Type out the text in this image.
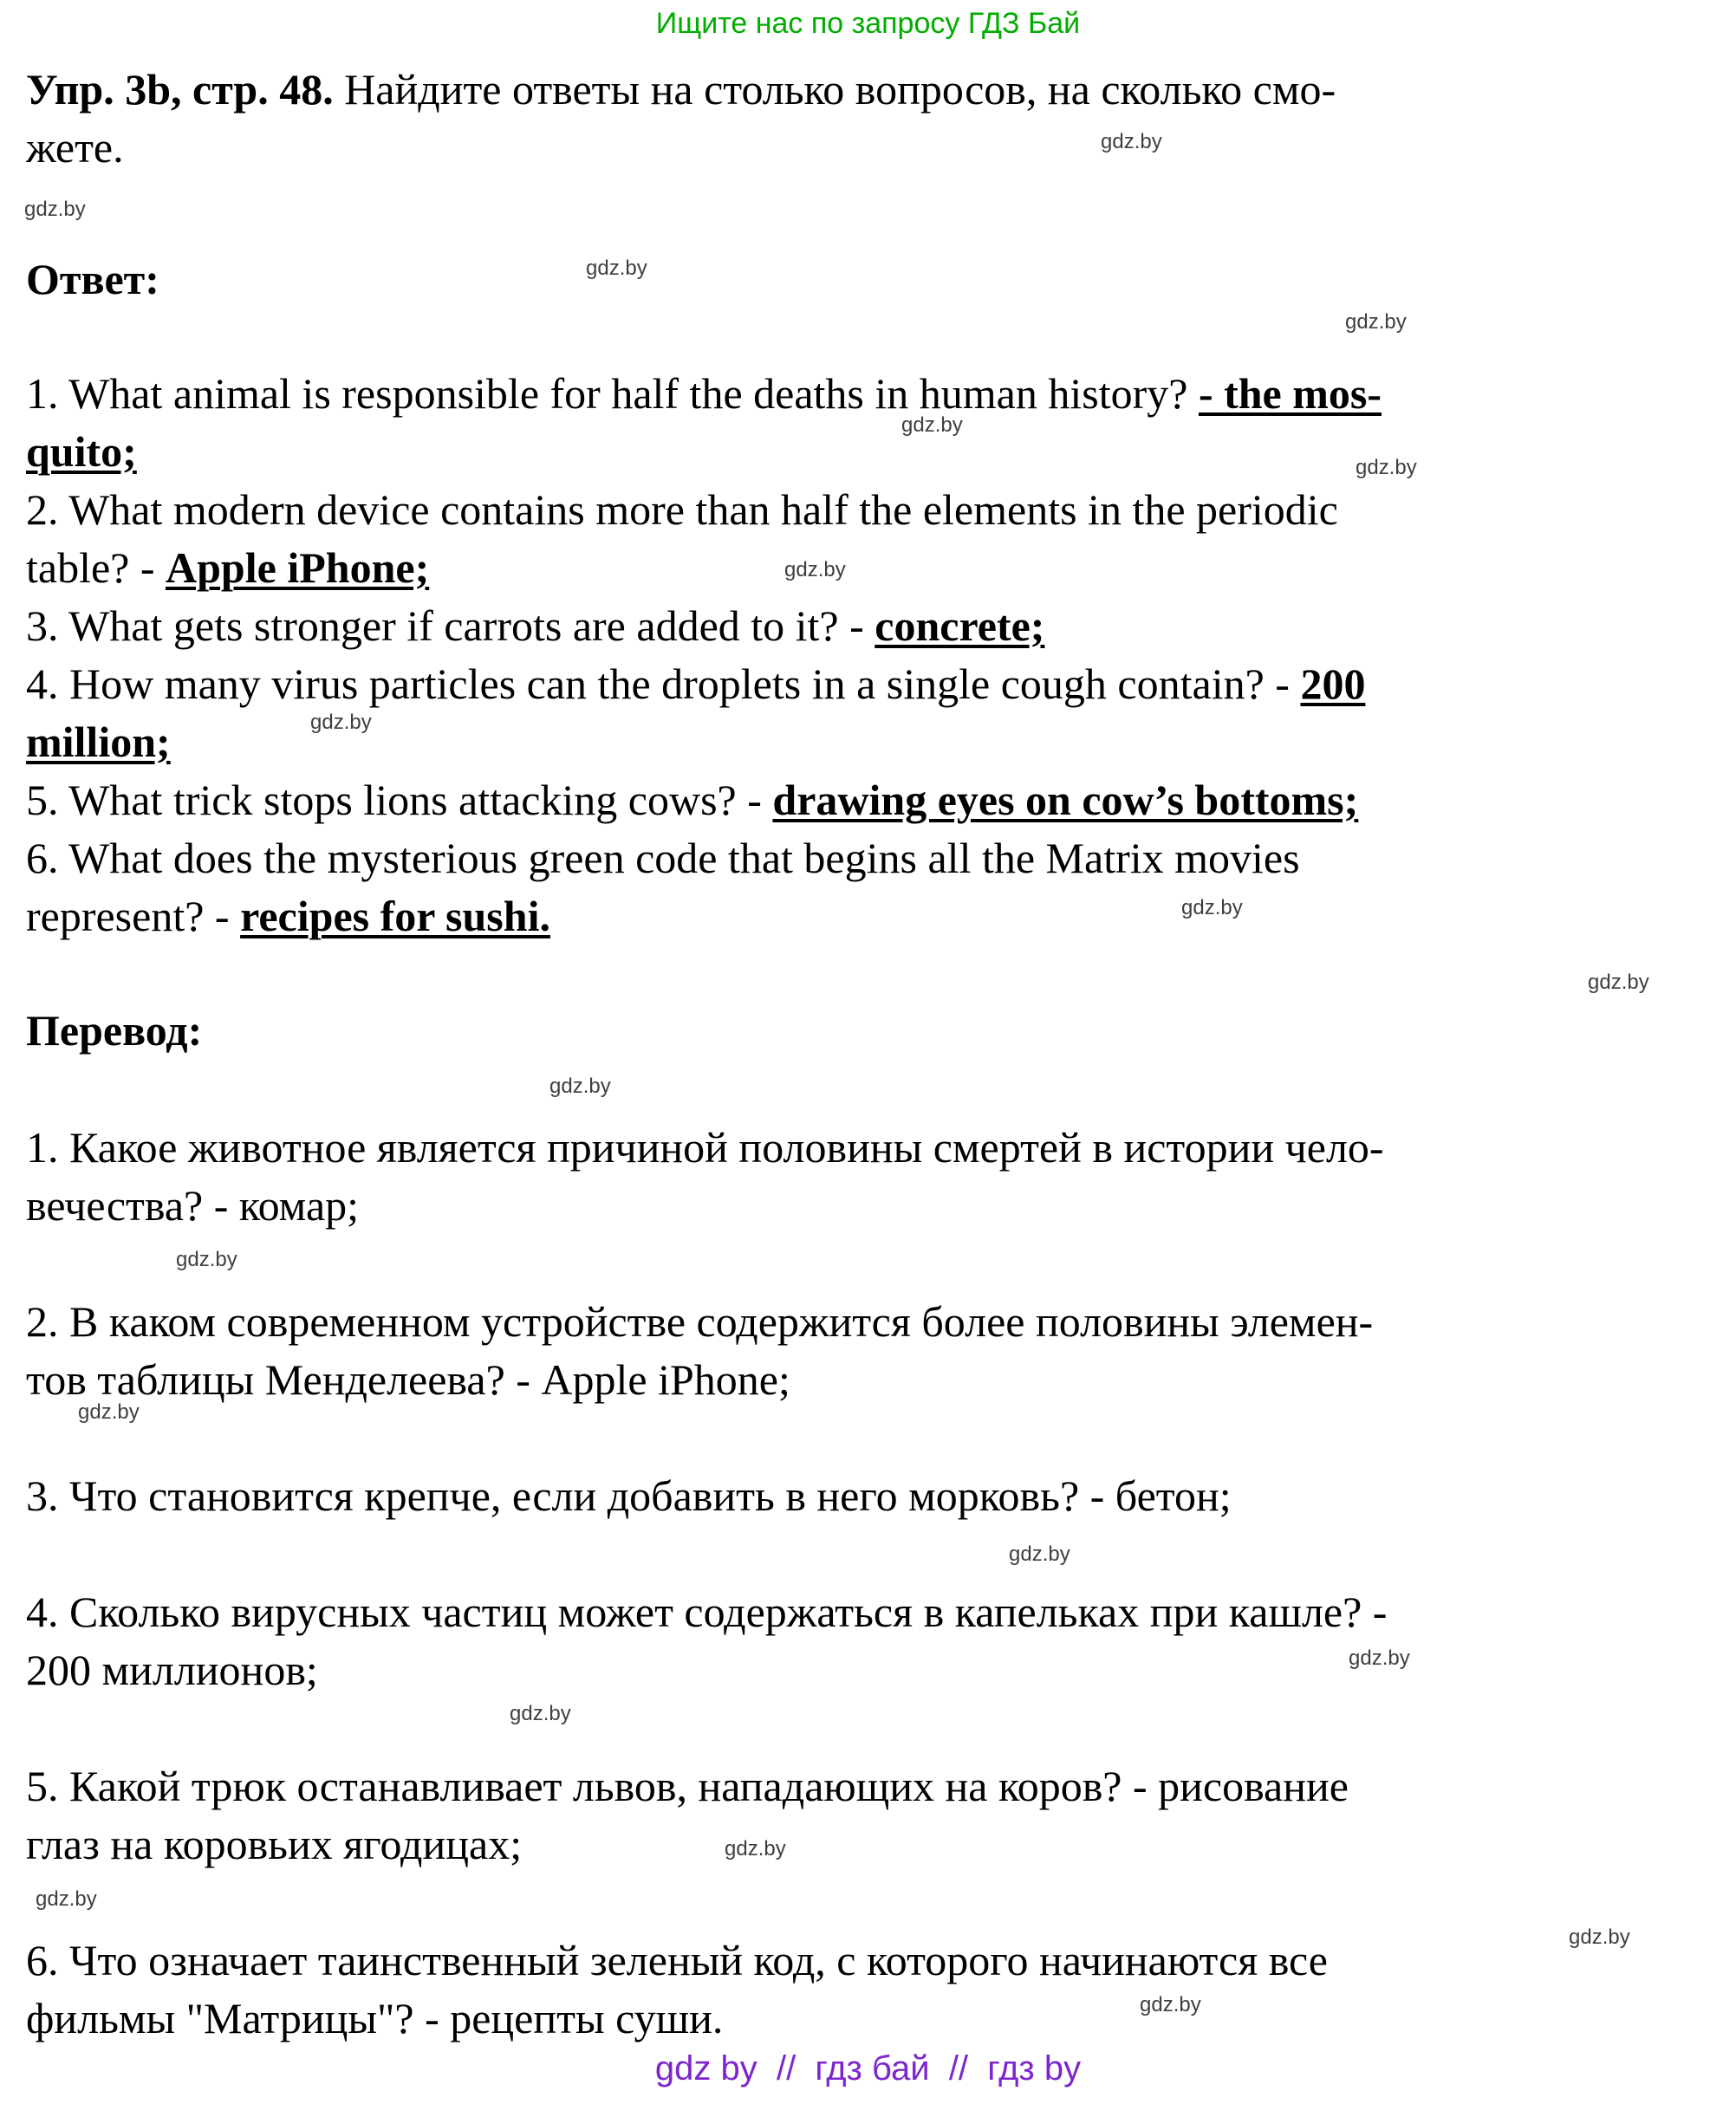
Ищите нас по запросу ГДЗ Бай
Упр. 3b, стр. 48. Найдите ответы на столько вопросов, на сколько смо-
жете.
Ответ:
1. What animal is responsible for half the deaths in human history? - the mos-
quito;
2. What modern device contains more than half the elements in the periodic
table? - Apple iPhone;
3. What gets stronger if carrots are added to it? - concrete;
4. How many virus particles can the droplets in a single cough contain? - 200
million;
5. What trick stops lions attacking cows? - drawing eyes on cow’s bottoms;
6. What does the mysterious green code that begins all the Matrix movies
represent? - recipes for sushi.
Перевод:
1. Какое животное является причиной половины смертей в истории чело-
вечества? - комар;
2. В каком современном устройстве содержится более половины элемен-
тов таблицы Менделеева? - Apple iPhone;
3. Что становится крепче, если добавить в него морковь? - бетон;
4. Сколько вирусных частиц может содержаться в капельках при кашле? -
200 миллионов;
5. Какой трюк останавливает львов, нападающих на коров? - рисование
глаз на коровьих ягодицах;
6. Что означает таинственный зеленый код, с которого начинаются все
фильмы "Матрицы"? - рецепты суши.
gdz.by
gdz.by
gdz.by
gdz.by
gdz.by
gdz.by
gdz.by
gdz.by
gdz.by
gdz.by
gdz.by
gdz.by
gdz.by
gdz.by
gdz.by
gdz.by
gdz.by
gdz.by
gdz.by
gdz.by
gdz by  //  гдз бай  //  гдз by
